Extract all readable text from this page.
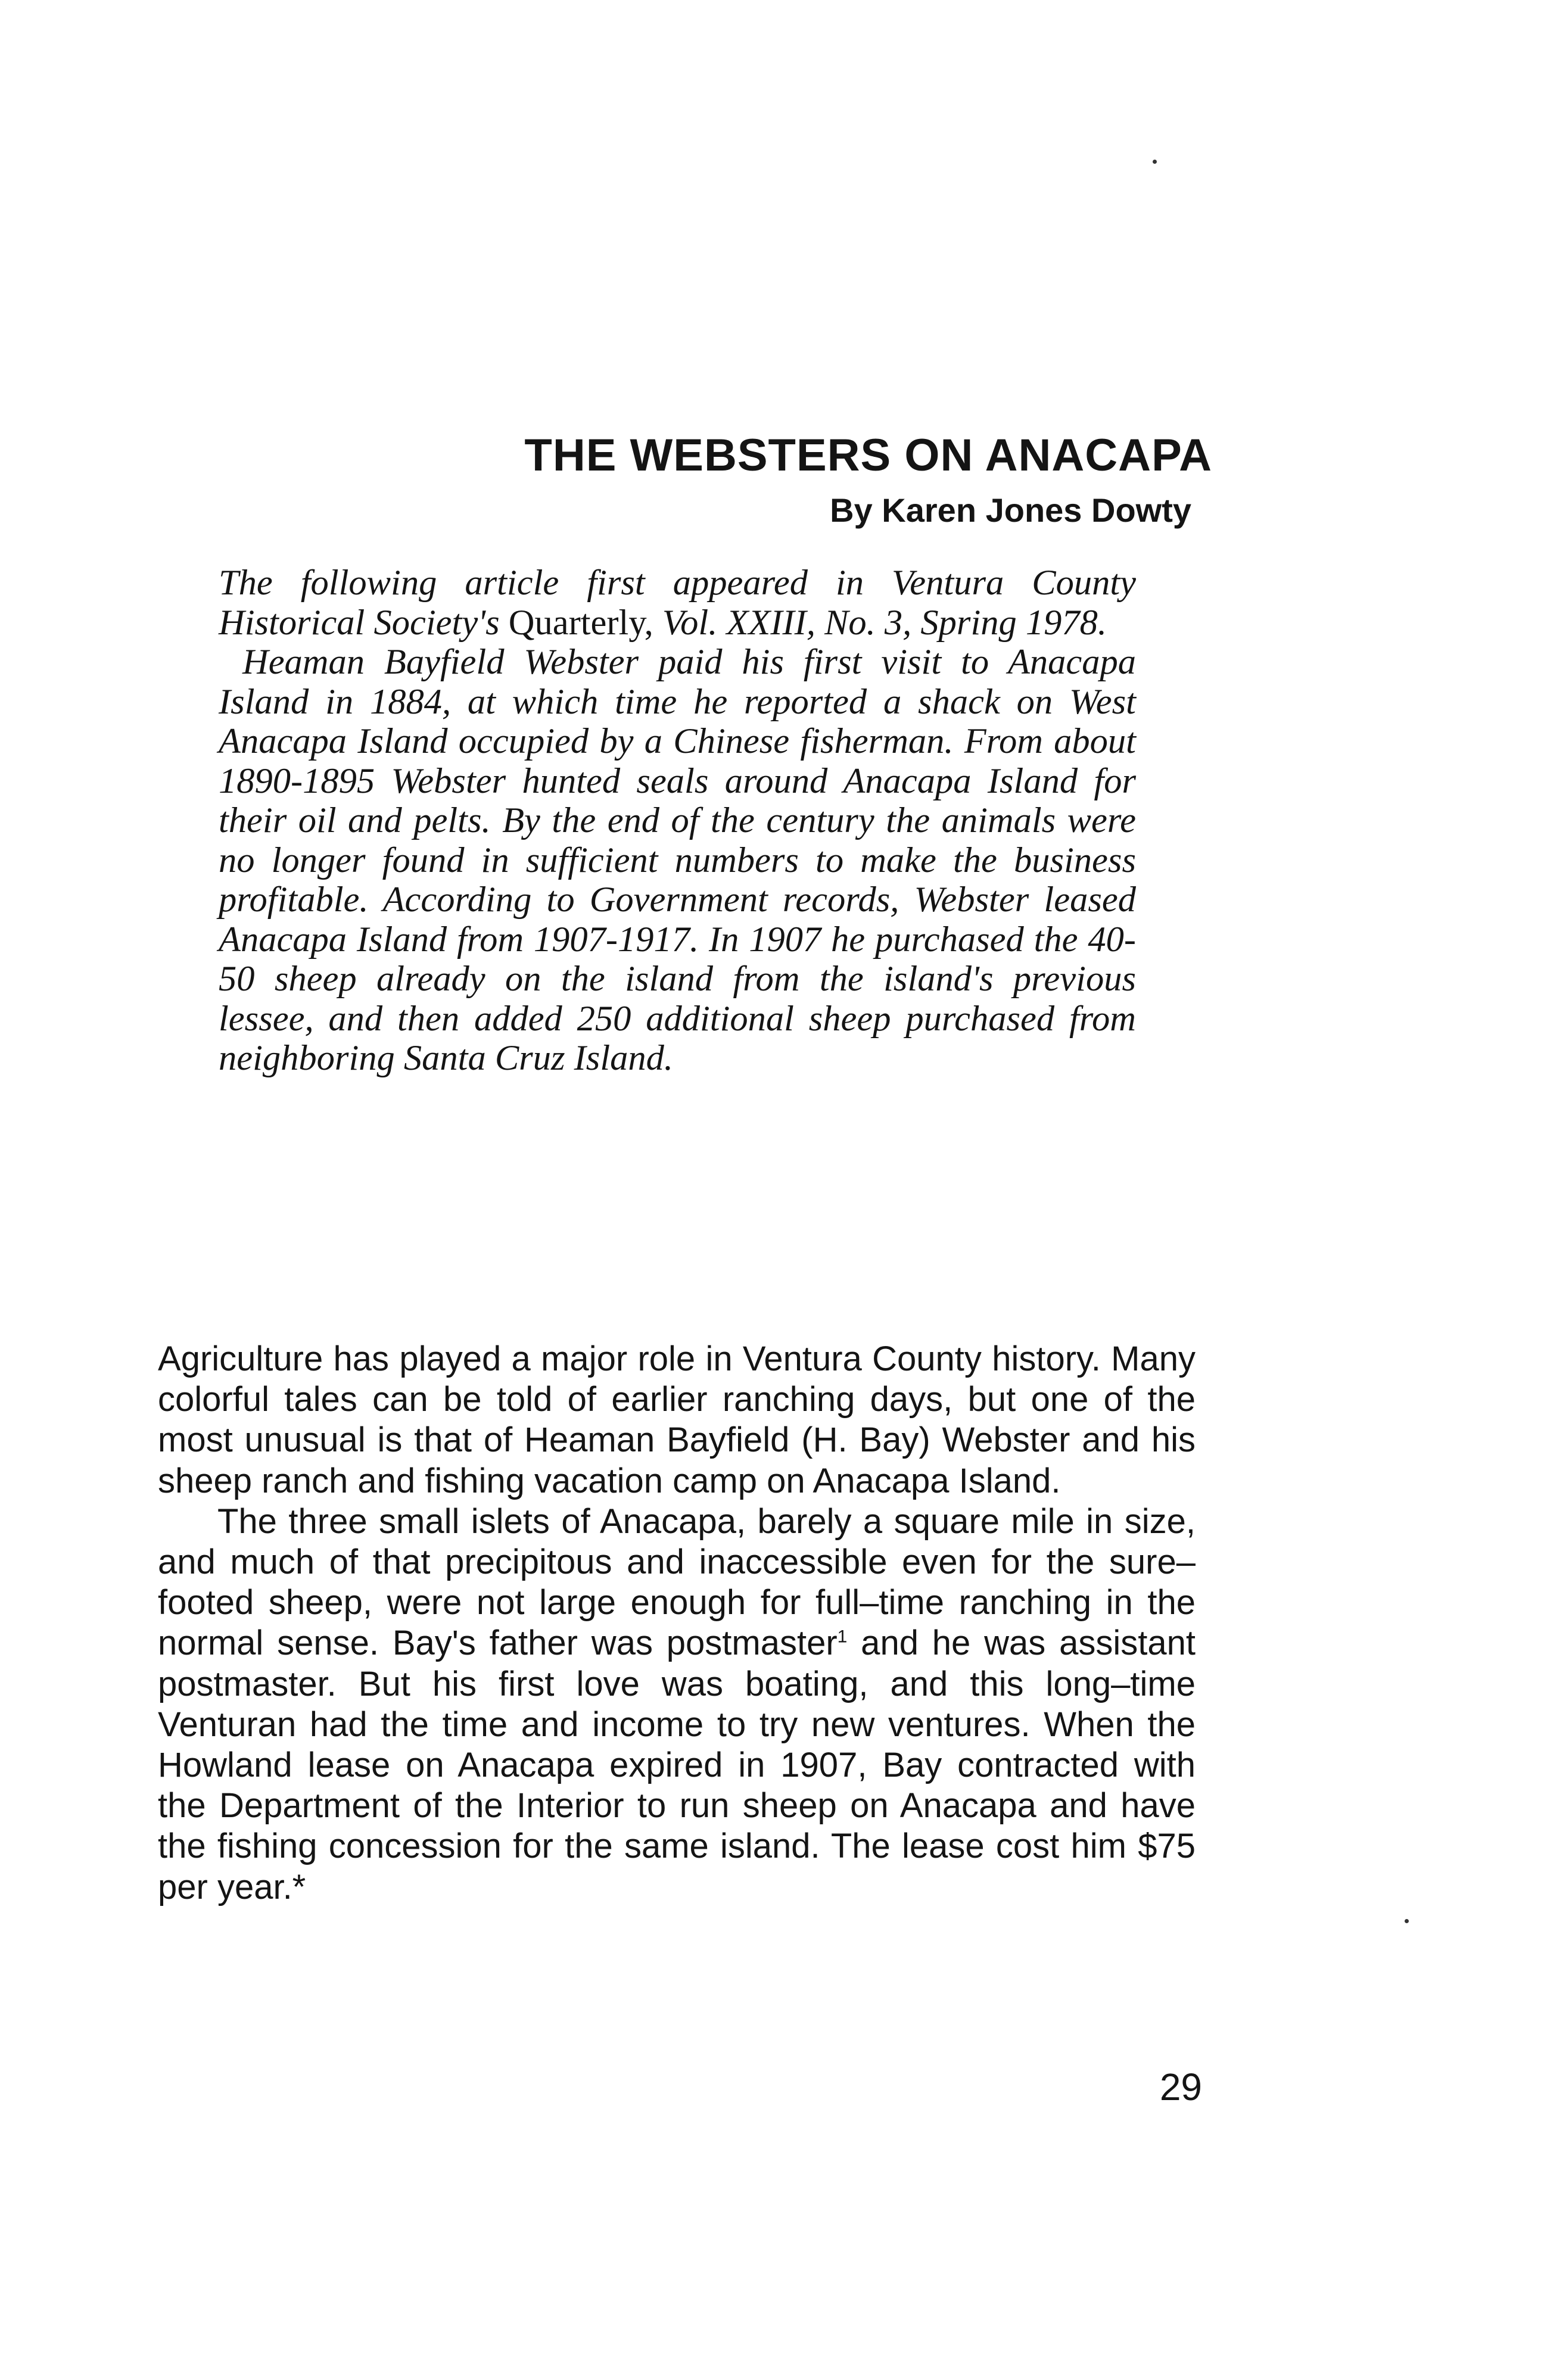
THE WEBSTERS ON ANACAPA
By Karen Jones Dowty

The following article first appeared in Ventura County Historical Society's Quarterly, Vol. XXIII, No. 3, Spring 1978.

Heaman Bayfield Webster paid his first visit to Anacapa Island in 1884, at which time he reported a shack on West Anacapa Island occupied by a Chinese fisherman. From about 1890-1895 Webster hunted seals around Anacapa Island for their oil and pelts. By the end of the century the animals were no longer found in sufficient numbers to make the business profitable. According to Government records, Webster leased Anacapa Island from 1907-1917. In 1907 he purchased the 40-50 sheep already on the island from the island's previous lessee, and then added 250 additional sheep purchased from neighboring Santa Cruz Island.

Agriculture has played a major role in Ventura County history. Many colorful tales can be told of earlier ranching days, but one of the most unusual is that of Heaman Bayfield (H. Bay) Webster and his sheep ranch and fishing vacation camp on Anacapa Island.

The three small islets of Anacapa, barely a square mile in size, and much of that precipitous and inaccessible even for the sure–footed sheep, were not large enough for full–time ranching in the normal sense. Bay's father was postmaster$^1$ and he was assistant postmaster. But his first love was boating, and this long–time Venturan had the time and income to try new ventures. When the Howland lease on Anacapa expired in 1907, Bay contracted with the Department of the Interior to run sheep on Anacapa and have the fishing concession for the same island. The lease cost him $75 per year.*

29
